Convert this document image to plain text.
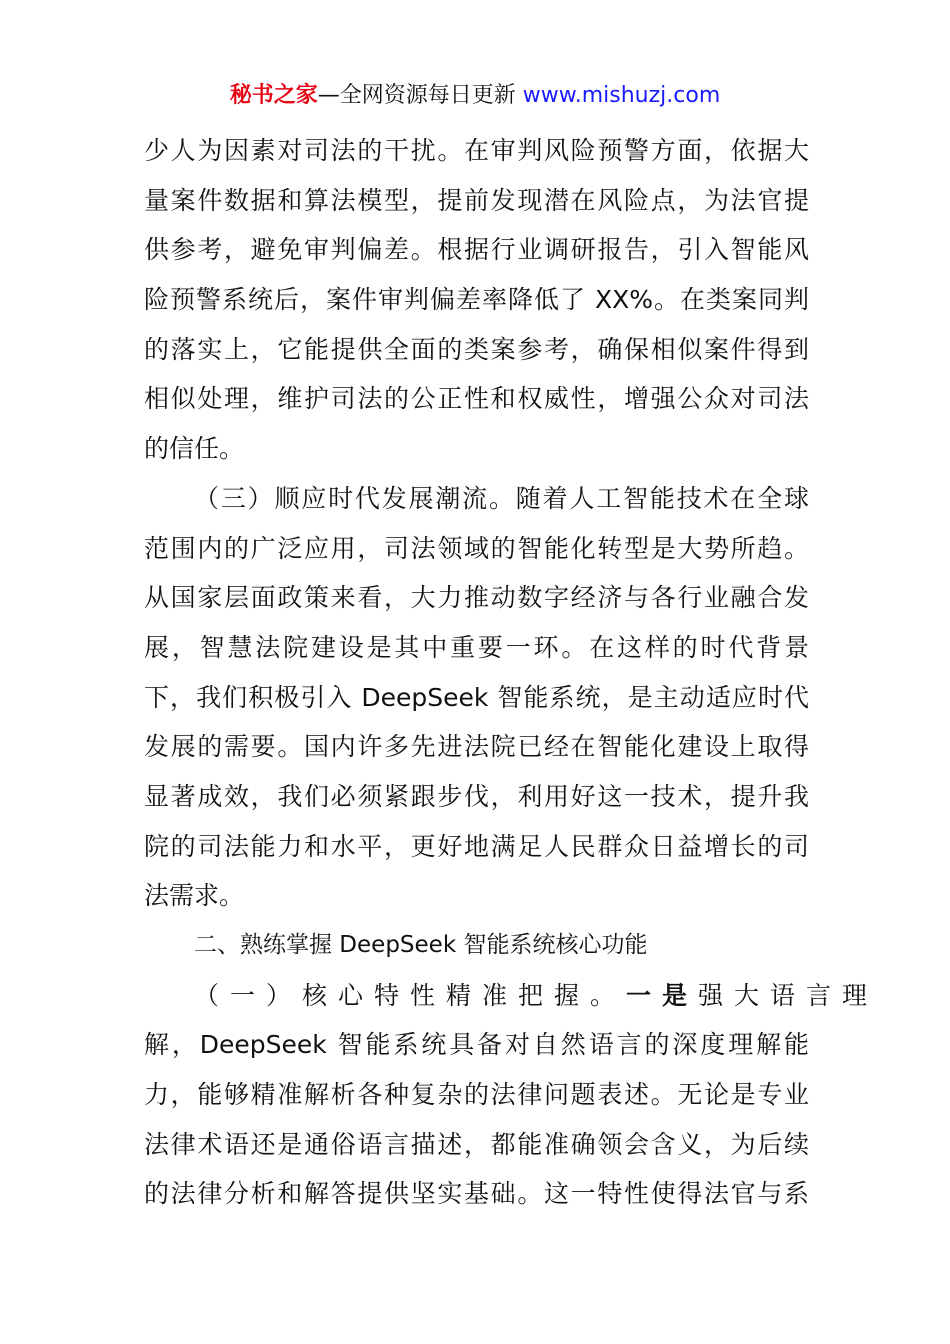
秘书之家—全网资源每日更新 www.mishuzj.com
少人为因素对司法的干扰。在审判风险预警方面，依据大
量案件数据和算法模型，提前发现潜在风险点，为法官提
供参考，避免审判偏差。根据行业调研报告，引入智能风
险预警系统后，案件审判偏差率降低了 XX%。在类案同判
的落实上，它能提供全面的类案参考，确保相似案件得到
相似处理，维护司法的公正性和权威性，增强公众对司法
的信任。
（三）顺应时代发展潮流。随着人工智能技术在全球
范围内的广泛应用，司法领域的智能化转型是大势所趋。
从国家层面政策来看，大力推动数字经济与各行业融合发
展，智慧法院建设是其中重要一环。在这样的时代背景
下，我们积极引入 DeepSeek 智能系统，是主动适应时代
发展的需要。国内许多先进法院已经在智能化建设上取得
显著成效，我们必须紧跟步伐，利用好这一技术，提升我
院的司法能力和水平，更好地满足人民群众日益增长的司
法需求。
二、熟练掌握 DeepSeek 智能系统核心功能
（一）核心特性精准把握。一是强大语言理
解，DeepSeek 智能系统具备对自然语言的深度理解能
力，能够精准解析各种复杂的法律问题表述。无论是专业
法律术语还是通俗语言描述，都能准确领会含义，为后续
的法律分析和解答提供坚实基础。这一特性使得法官与系
